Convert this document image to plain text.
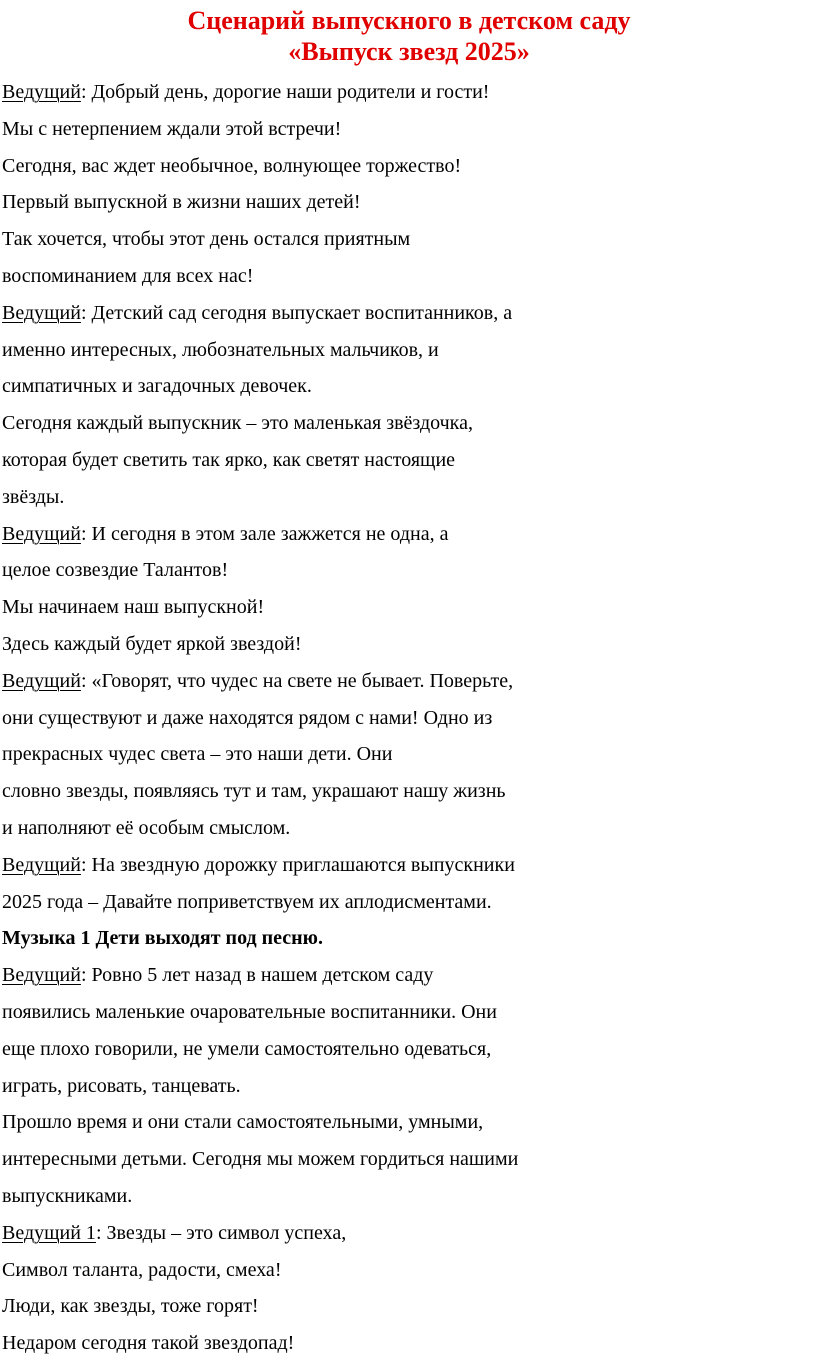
Сценарий выпускного в детском саду
«Выпуск звезд 2025»
Ведущий: Добрый день, дорогие наши родители и гости!
Мы с нетерпением ждали этой встречи!
Сегодня, вас ждет необычное, волнующее торжество!
Первый выпускной в жизни наших детей!
Так хочется, чтобы этот день остался приятным
воспоминанием для всех нас!
Ведущий: Детский сад сегодня выпускает воспитанников, а
именно интересных, любознательных мальчиков, и
симпатичных и загадочных девочек.
Сегодня каждый выпускник – это маленькая звёздочка,
которая будет светить так ярко, как светят настоящие
звёзды.
Ведущий: И сегодня в этом зале зажжется не одна, а
целое созвездие Талантов!
Мы начинаем наш выпускной!
Здесь каждый будет яркой звездой!
Ведущий: «Говорят, что чудес на свете не бывает. Поверьте,
они существуют и даже находятся рядом с нами! Одно из
прекрасных чудес света – это наши дети. Они
словно звезды, появляясь тут и там, украшают нашу жизнь
и наполняют её особым смыслом.
Ведущий: На звездную дорожку приглашаются выпускники
2025 года – Давайте поприветствуем их аплодисментами.
Музыка 1 Дети выходят под песню.
Ведущий: Ровно 5 лет назад в нашем детском саду
появились маленькие очаровательные воспитанники. Они
еще плохо говорили, не умели самостоятельно одеваться,
играть, рисовать, танцевать.
Прошло время и они стали самостоятельными, умными,
интересными детьми. Сегодня мы можем гордиться нашими
выпускниками.
Ведущий 1: Звезды – это символ успеха,
Символ таланта, радости, смеха!
Люди, как звезды, тоже горят!
Недаром сегодня такой звездопад!
